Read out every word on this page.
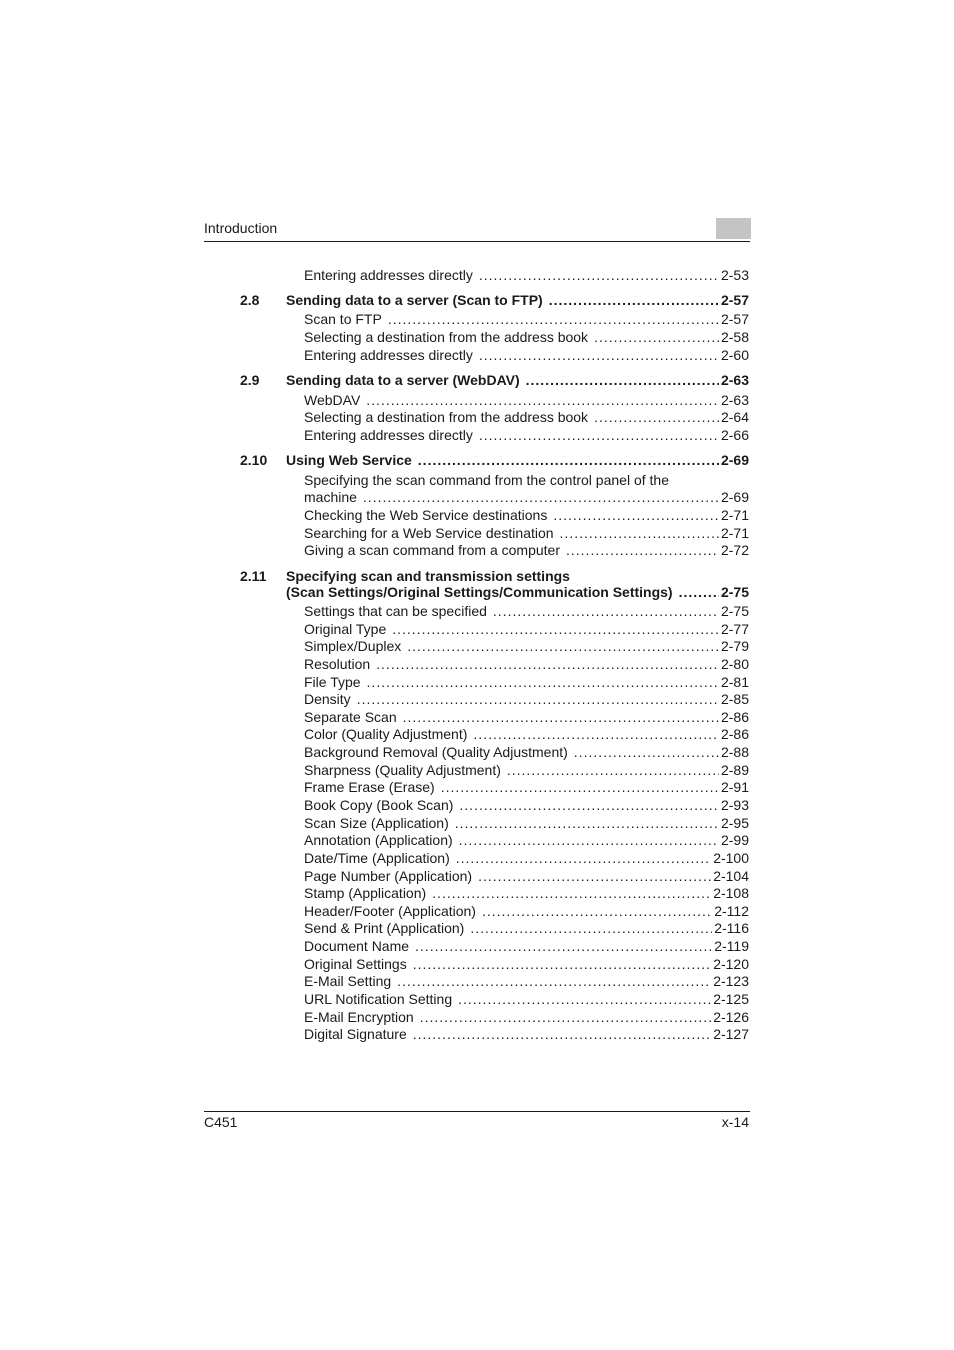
Introduction
Entering addresses directly .....	2-53
2.8 Sending data to a server (Scan to FTP) .....	2-57
Scan to FTP .....	2-57
Selecting a destination from the address book .....	2-58
Entering addresses directly .....	2-60
2.9 Sending data to a server (WebDAV) .....	2-63
WebDAV .....	2-63
Selecting a destination from the address book .....	2-64
Entering addresses directly .....	2-66
2.10 Using Web Service .....	2-69
Specifying the scan command from the control panel of the
machine .....	2-69
Checking the Web Service destinations .....	2-71
Searching for a Web Service destination .....	2-71
Giving a scan command from a computer .....	2-72
2.11 Specifying scan and transmission settings
(Scan Settings/Original Settings/Communication Settings) .....	2-75
Settings that can be specified .....	2-75
Original Type .....	2-77
Simplex/Duplex .....	2-79
Resolution .....	2-80
File Type .....	2-81
Density .....	2-85
Separate Scan .....	2-86
Color (Quality Adjustment) .....	2-86
Background Removal (Quality Adjustment) .....	2-88
Sharpness (Quality Adjustment) .....	2-89
Frame Erase (Erase) .....	2-91
Book Copy (Book Scan) .....	2-93
Scan Size (Application) .....	2-95
Annotation (Application) .....	2-99
Date/Time (Application) .....	2-100
Page Number (Application) .....	2-104
Stamp (Application) .....	2-108
Header/Footer (Application) .....	2-112
Send & Print (Application) .....	2-116
Document Name .....	2-119
Original Settings .....	2-120
E-Mail Setting .....	2-123
URL Notification Setting .....	2-125
E-Mail Encryption .....	2-126
Digital Signature .....	2-127
C451	x-14
